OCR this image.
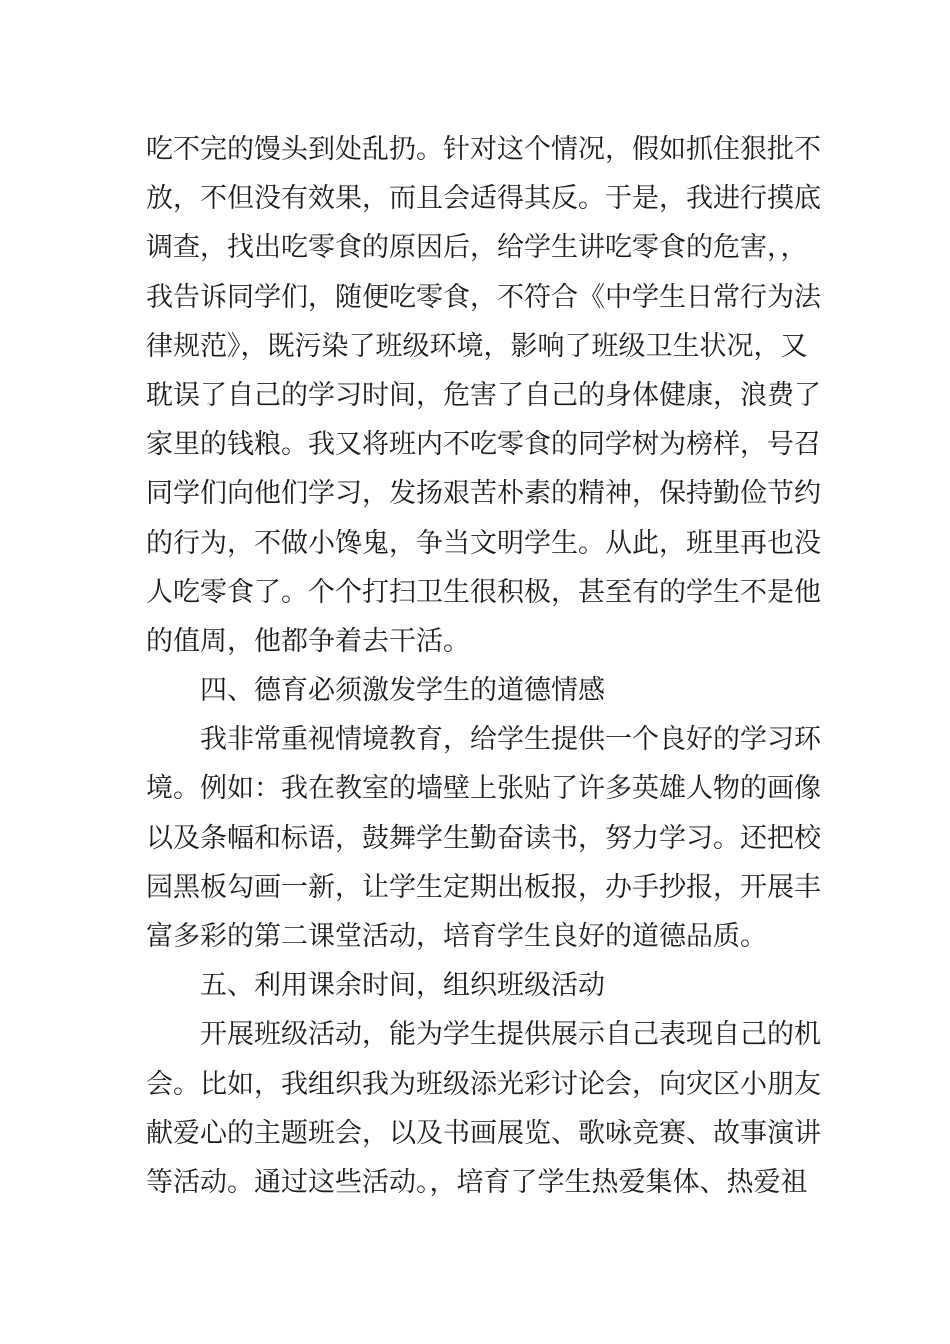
吃不完的馒头到处乱扔。针对这个情况，假如抓住狠批不
放，不但没有效果，而且会适得其反。于是，我进行摸底
调查，找出吃零食的原因后，给学生讲吃零食的危害，，
我告诉同学们，随便吃零食，不符合《中学生日常行为法
律规范》，既污染了班级环境，影响了班级卫生状况，又
耽误了自己的学习时间，危害了自己的身体健康，浪费了
家里的钱粮。我又将班内不吃零食的同学树为榜样，号召
同学们向他们学习，发扬艰苦朴素的精神，保持勤俭节约
的行为，不做小馋鬼，争当文明学生。从此，班里再也没
人吃零食了。个个打扫卫生很积极，甚至有的学生不是他
的值周，他都争着去干活。
四、德育必须激发学生的道德情感
我非常重视情境教育，给学生提供一个良好的学习环
境。例如：我在教室的墙壁上张贴了许多英雄人物的画像
以及条幅和标语，鼓舞学生勤奋读书，努力学习。还把校
园黑板勾画一新，让学生定期出板报，办手抄报，开展丰
富多彩的第二课堂活动，培育学生良好的道德品质。
五、利用课余时间，组织班级活动
开展班级活动，能为学生提供展示自己表现自己的机
会。比如，我组织我为班级添光彩讨论会，向灾区小朋友
献爱心的主题班会，以及书画展览、歌咏竞赛、故事演讲
等活动。通过这些活动。，培育了学生热爱集体、热爱祖
